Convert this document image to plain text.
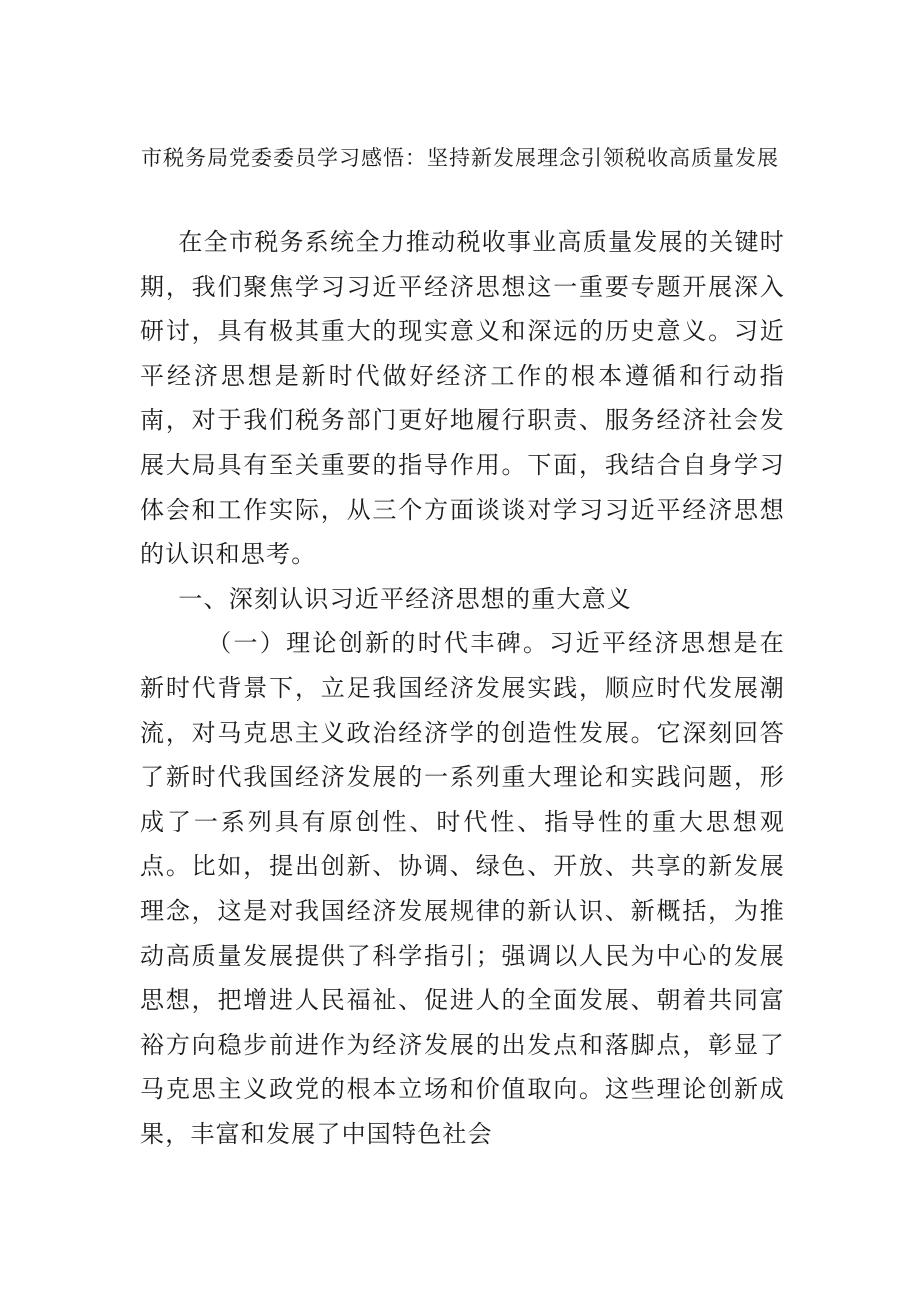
市税务局党委委员学习感悟：坚持新发展理念引领税收高质量发展

在全市税务系统全力推动税收事业高质量发展的关键时期，我们聚焦学习习近平经济思想这一重要专题开展深入研讨，具有极其重大的现实意义和深远的历史意义。习近平经济思想是新时代做好经济工作的根本遵循和行动指南，对于我们税务部门更好地履行职责、服务经济社会发展大局具有至关重要的指导作用。下面，我结合自身学习体会和工作实际，从三个方面谈谈对学习习近平经济思想的认识和思考。

一、深刻认识习近平经济思想的重大意义

（一）理论创新的时代丰碑。习近平经济思想是在新时代背景下，立足我国经济发展实践，顺应时代发展潮流，对马克思主义政治经济学的创造性发展。它深刻回答了新时代我国经济发展的一系列重大理论和实践问题，形成了一系列具有原创性、时代性、指导性的重大思想观点。比如，提出创新、协调、绿色、开放、共享的新发展理念，这是对我国经济发展规律的新认识、新概括，为推动高质量发展提供了科学指引；强调以人民为中心的发展思想，把增进人民福祉、促进人的全面发展、朝着共同富裕方向稳步前进作为经济发展的出发点和落脚点，彰显了马克思主义政党的根本立场和价值取向。这些理论创新成果，丰富和发展了中国特色社会
